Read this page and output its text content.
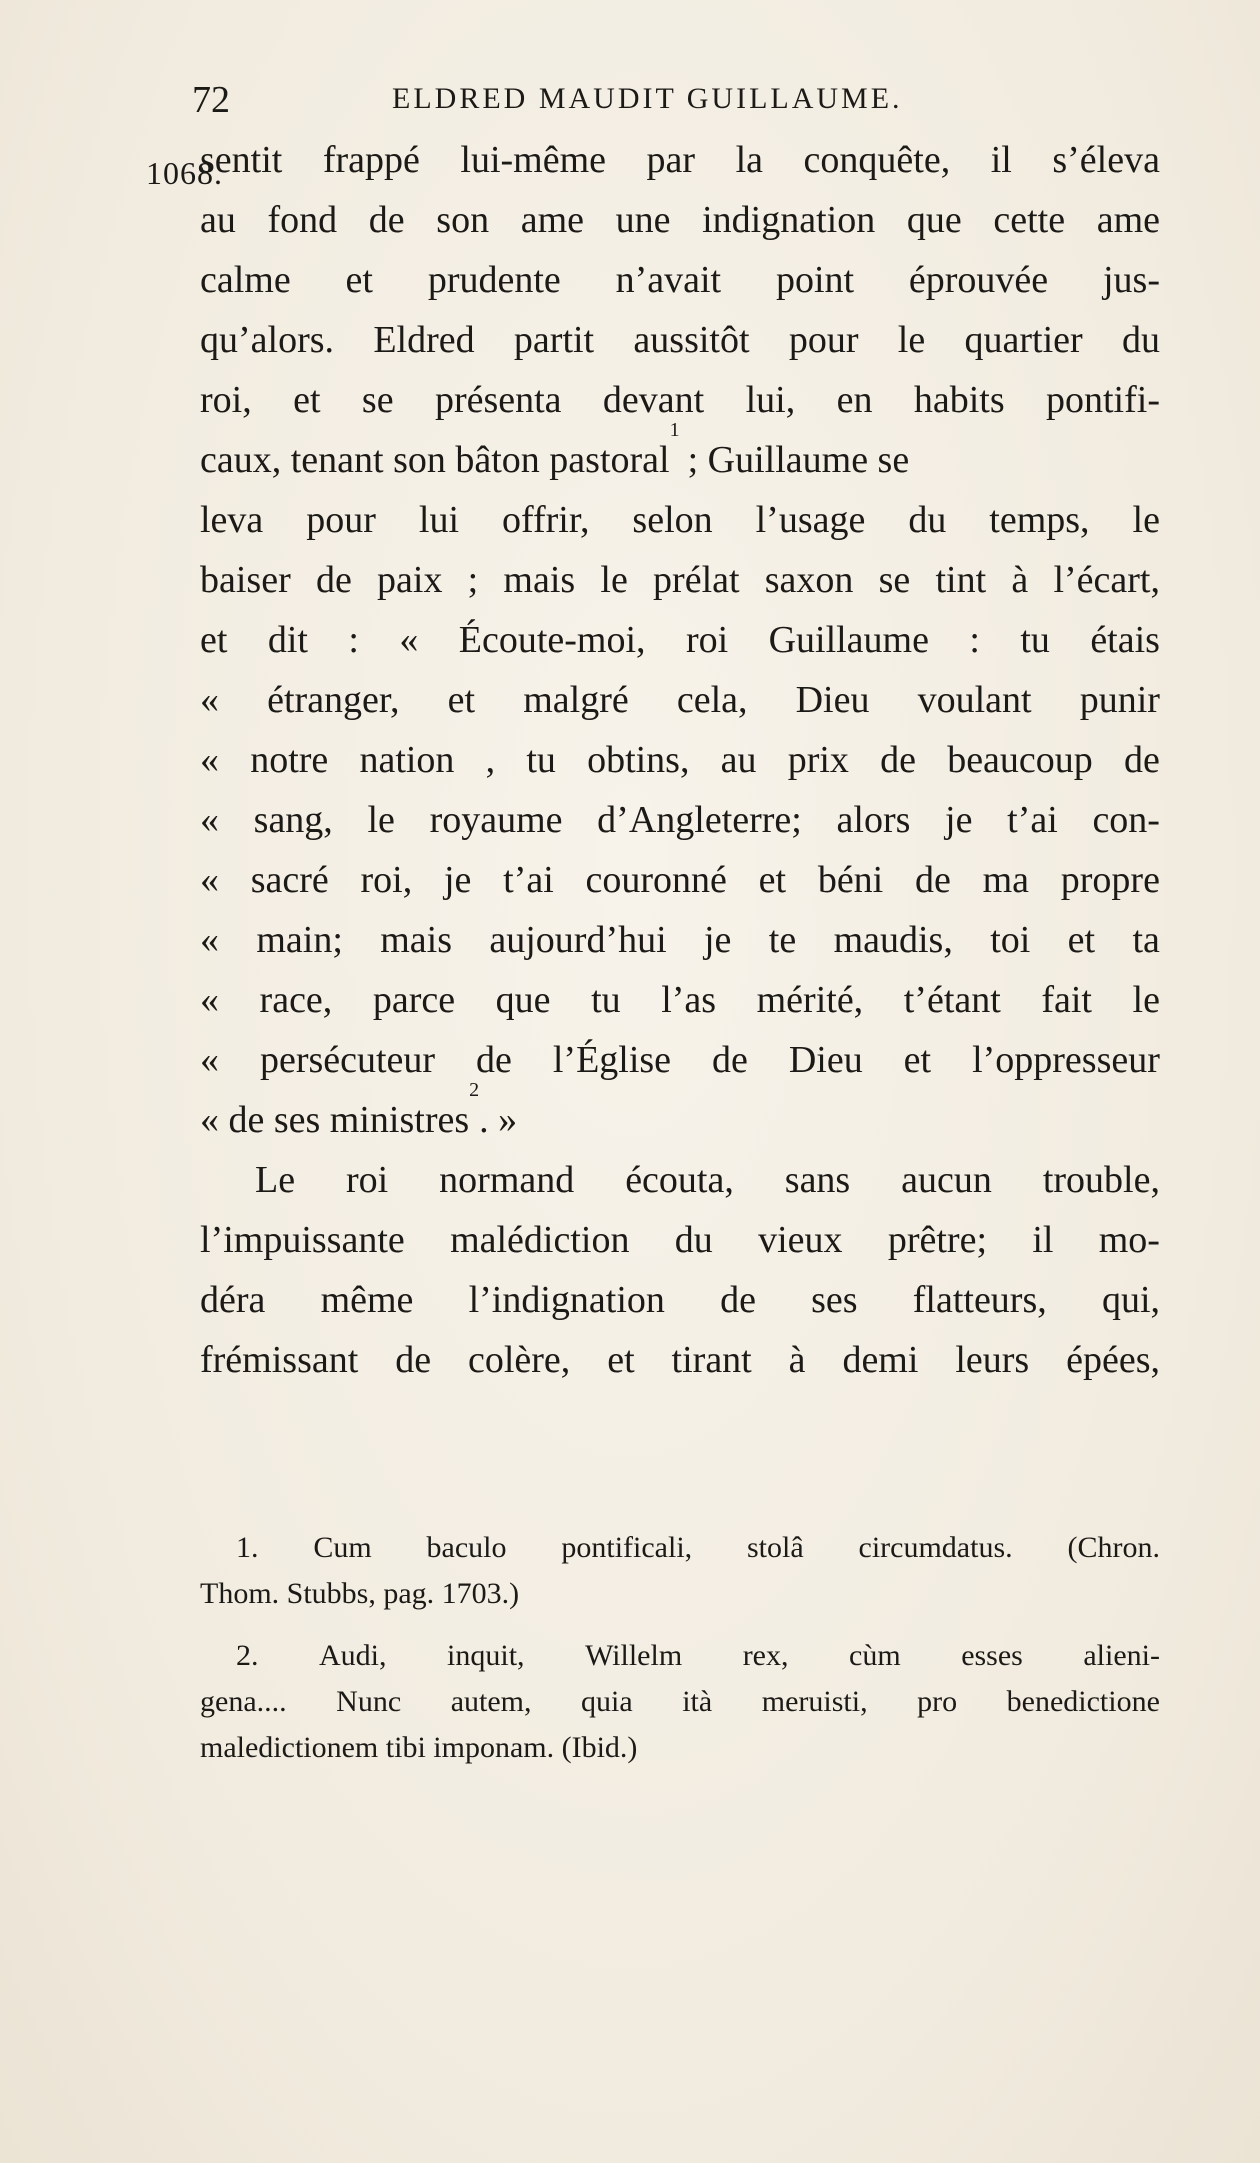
72	ELDRED MAUDIT GUILLAUME.
1068.
sentit frappé lui-même par la conquête, il s’éleva
au fond de son ame une indignation que cette ame
calme et prudente n’avait point éprouvée jus-
qu’alors. Eldred partit aussitôt pour le quartier du
roi, et se présenta devant lui, en habits pontifi-
caux, tenant son bâton pastoral
1
; Guillaume se
leva pour lui offrir, selon l’usage du temps, le
baiser de paix ; mais le prélat saxon se tint à l’écart,
et dit : « Écoute-moi, roi Guillaume : tu étais
« étranger, et malgré cela, Dieu voulant punir
« notre nation , tu obtins, au prix de beaucoup de
« sang, le royaume d’Angleterre; alors je t’ai con-
« sacré roi, je t’ai couronné et béni de ma propre
« main; mais aujourd’hui je te maudis, toi et ta
« race, parce que tu l’as mérité, t’étant fait le
« persécuteur de l’Église de Dieu et l’oppresseur
« de ses ministres
2
. »
Le roi normand écouta, sans aucun trouble,
l’impuissante malédiction du vieux prêtre; il mo-
déra même l’indignation de ses flatteurs, qui,
frémissant de colère, et tirant à demi leurs épées,
1. Cum baculo pontificali, stolâ circumdatus. (Chron.
Thom. Stubbs, pag. 1703.)
2. Audi, inquit, Willelm rex, cùm esses alieni-
gena.... Nunc autem, quia ità meruisti, pro benedictione
maledictionem tibi imponam. (Ibid.)
